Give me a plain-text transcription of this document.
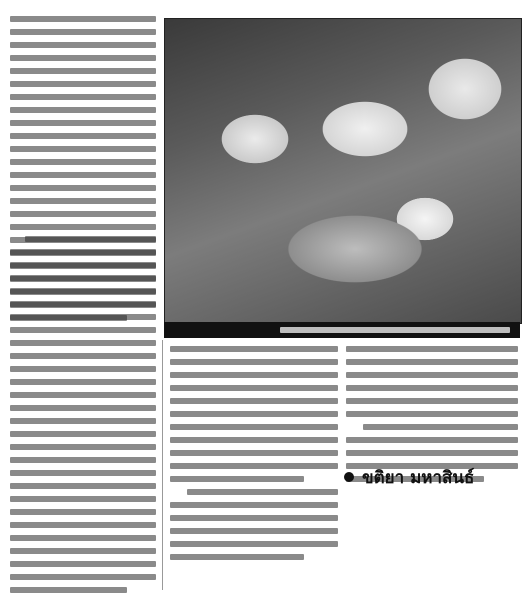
ขติยา มหาสินธ์
